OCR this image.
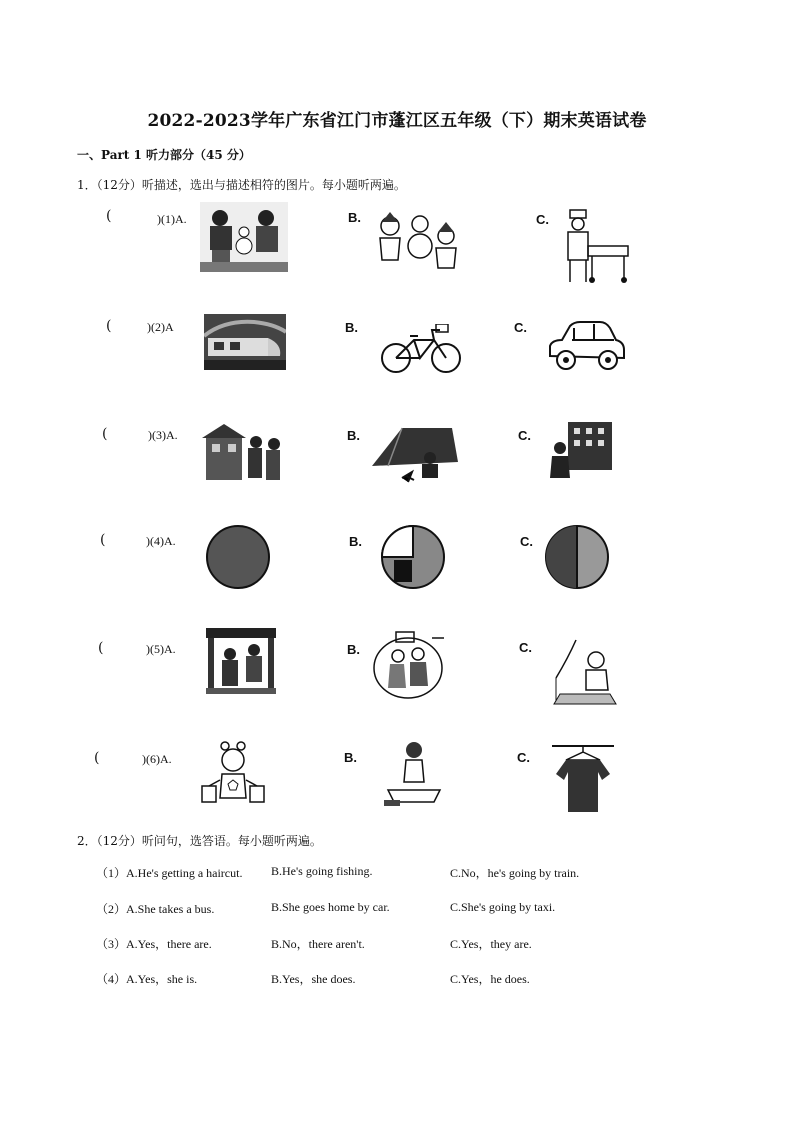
2022-2023学年广东省江门市蓬江区五年级（下）期末英语试卷
一、Part 1 听力部分（45 分）
1．（12分）听描述，选出与描述相符的图片。每小题听两遍。
(	)(1)A.	B.	C.
(	)(2)A	B.	C.
(	)(3)A.	B.	C.
(	)(4)A.	B.	C.
(	)(5)A.	B.	C.
(	)(6)A.	B.	C.
2．（12分）听问句，选答语。每小题听两遍。
（1）A.He's getting a haircut. B.He's going fishing.	C.No，he's going by train.
（2）A.She takes a bus.	B.She goes home by car.	C.She's going by taxi.
（3）A.Yes，there are.	B.No，there aren't.	C.Yes，they are.
（4）A.Yes，she is.	B.Yes，she does.	C.Yes，he does.
